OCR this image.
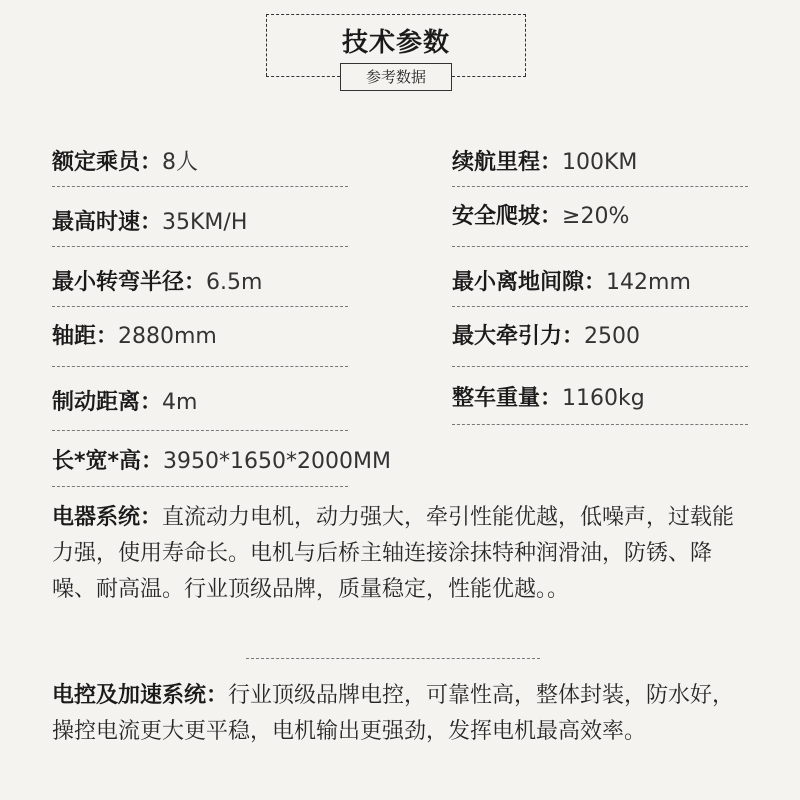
技术参数
参考数据
额定乘员：8人
最高时速：35KM/H
最小转弯半径：6.5m
轴距：2880mm
制动距离：4m
长*宽*高：3950*1650*2000MM
续航里程：100KM
安全爬坡：≥20%
最小离地间隙：142mm
最大牵引力：2500
整车重量：1160kg
电器系统：直流动力电机，动力强大，牵引性能优越，低噪声，过载能力强，使用寿命长。电机与后桥主轴连接涂抹特种润滑油，防锈、降噪、耐高温。行业顶级品牌，质量稳定，性能优越。。
电控及加速系统：行业顶级品牌电控，可靠性高，整体封装，防水好，操控电流更大更平稳，电机输出更强劲，发挥电机最高效率。
